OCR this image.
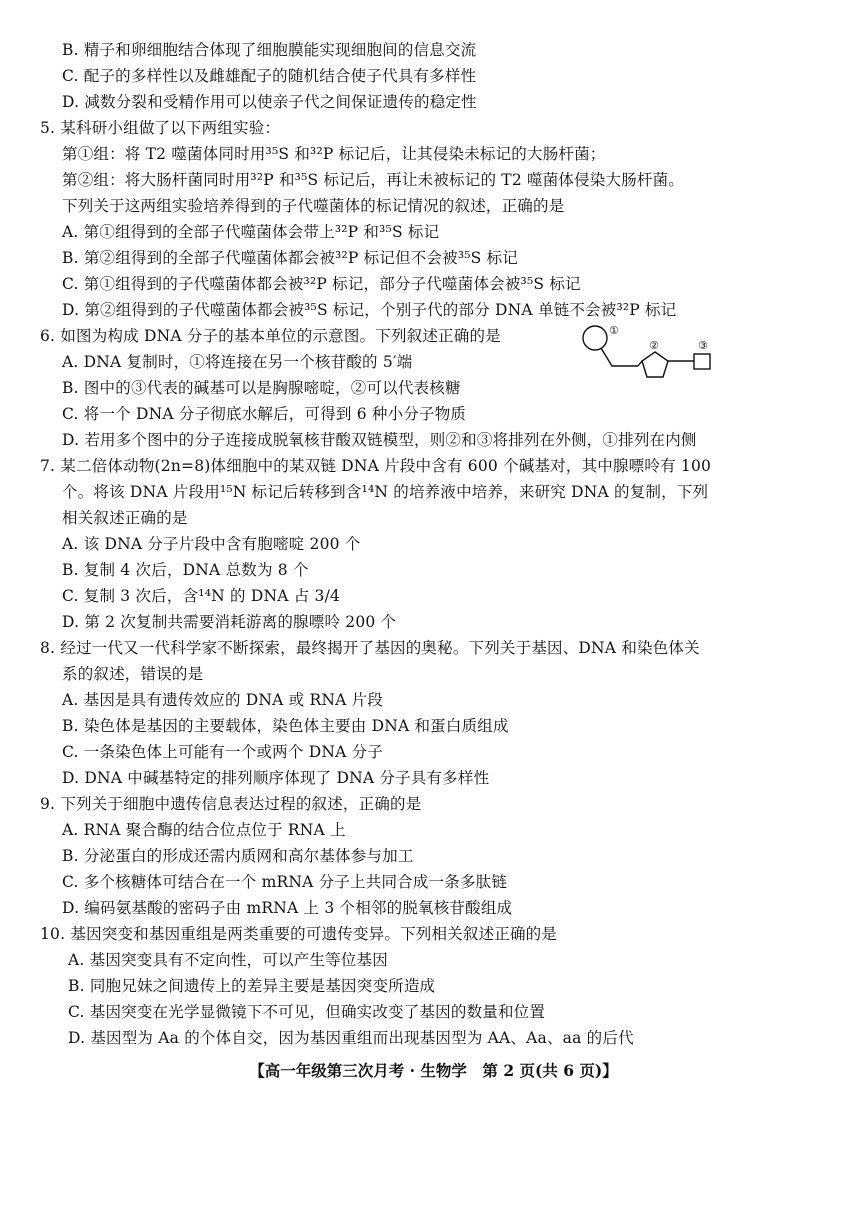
B. 精子和卵细胞结合体现了细胞膜能实现细胞间的信息交流
C. 配子的多样性以及雌雄配子的随机结合使子代具有多样性
D. 减数分裂和受精作用可以使亲子代之间保证遗传的稳定性
5. 某科研小组做了以下两组实验：
第①组：将 T2 噬菌体同时用³⁵S 和³²P 标记后，让其侵染未标记的大肠杆菌；
第②组：将大肠杆菌同时用³²P 和³⁵S 标记后，再让未被标记的 T2 噬菌体侵染大肠杆菌。
下列关于这两组实验培养得到的子代噬菌体的标记情况的叙述，正确的是
A. 第①组得到的全部子代噬菌体会带上³²P 和³⁵S 标记
B. 第②组得到的全部子代噬菌体都会被³²P 标记但不会被³⁵S 标记
C. 第①组得到的子代噬菌体都会被³²P 标记，部分子代噬菌体会被³⁵S 标记
D. 第②组得到的子代噬菌体都会被³⁵S 标记，个别子代的部分 DNA 单链不会被³²P 标记
6. 如图为构成 DNA 分子的基本单位的示意图。下列叙述正确的是
A. DNA 复制时，①将连接在另一个核苷酸的 5′端
B. 图中的③代表的碱基可以是胸腺嘧啶，②可以代表核糖
C. 将一个 DNA 分子彻底水解后，可得到 6 种小分子物质
D. 若用多个图中的分子连接成脱氧核苷酸双链模型，则②和③将排列在外侧，①排列在内侧
①
②	③
7. 某二倍体动物(2n=8)体细胞中的某双链 DNA 片段中含有 600 个碱基对，其中腺嘌呤有 100
个。将该 DNA 片段用¹⁵N 标记后转移到含¹⁴N 的培养液中培养，来研究 DNA 的复制，下列
相关叙述正确的是
A. 该 DNA 分子片段中含有胞嘧啶 200 个
B. 复制 4 次后，DNA 总数为 8 个
C. 复制 3 次后，含¹⁴N 的 DNA 占 3/4
D. 第 2 次复制共需要消耗游离的腺嘌呤 200 个
8. 经过一代又一代科学家不断探索，最终揭开了基因的奥秘。下列关于基因、DNA 和染色体关
系的叙述，错误的是
A. 基因是具有遗传效应的 DNA 或 RNA 片段
B. 染色体是基因的主要载体，染色体主要由 DNA 和蛋白质组成
C. 一条染色体上可能有一个或两个 DNA 分子
D. DNA 中碱基特定的排列顺序体现了 DNA 分子具有多样性
9. 下列关于细胞中遗传信息表达过程的叙述，正确的是
A. RNA 聚合酶的结合位点位于 RNA 上
B. 分泌蛋白的形成还需内质网和高尔基体参与加工
C. 多个核糖体可结合在一个 mRNA 分子上共同合成一条多肽链
D. 编码氨基酸的密码子由 mRNA 上 3 个相邻的脱氧核苷酸组成
10. 基因突变和基因重组是两类重要的可遗传变异。下列相关叙述正确的是
A. 基因突变具有不定向性，可以产生等位基因
B. 同胞兄妹之间遗传上的差异主要是基因突变所造成
C. 基因突变在光学显微镜下不可见，但确实改变了基因的数量和位置
D. 基因型为 Aa 的个体自交，因为基因重组而出现基因型为 AA、Aa、aa 的后代
【高一年级第三次月考 · 生物学　第 2 页(共 6 页)】
